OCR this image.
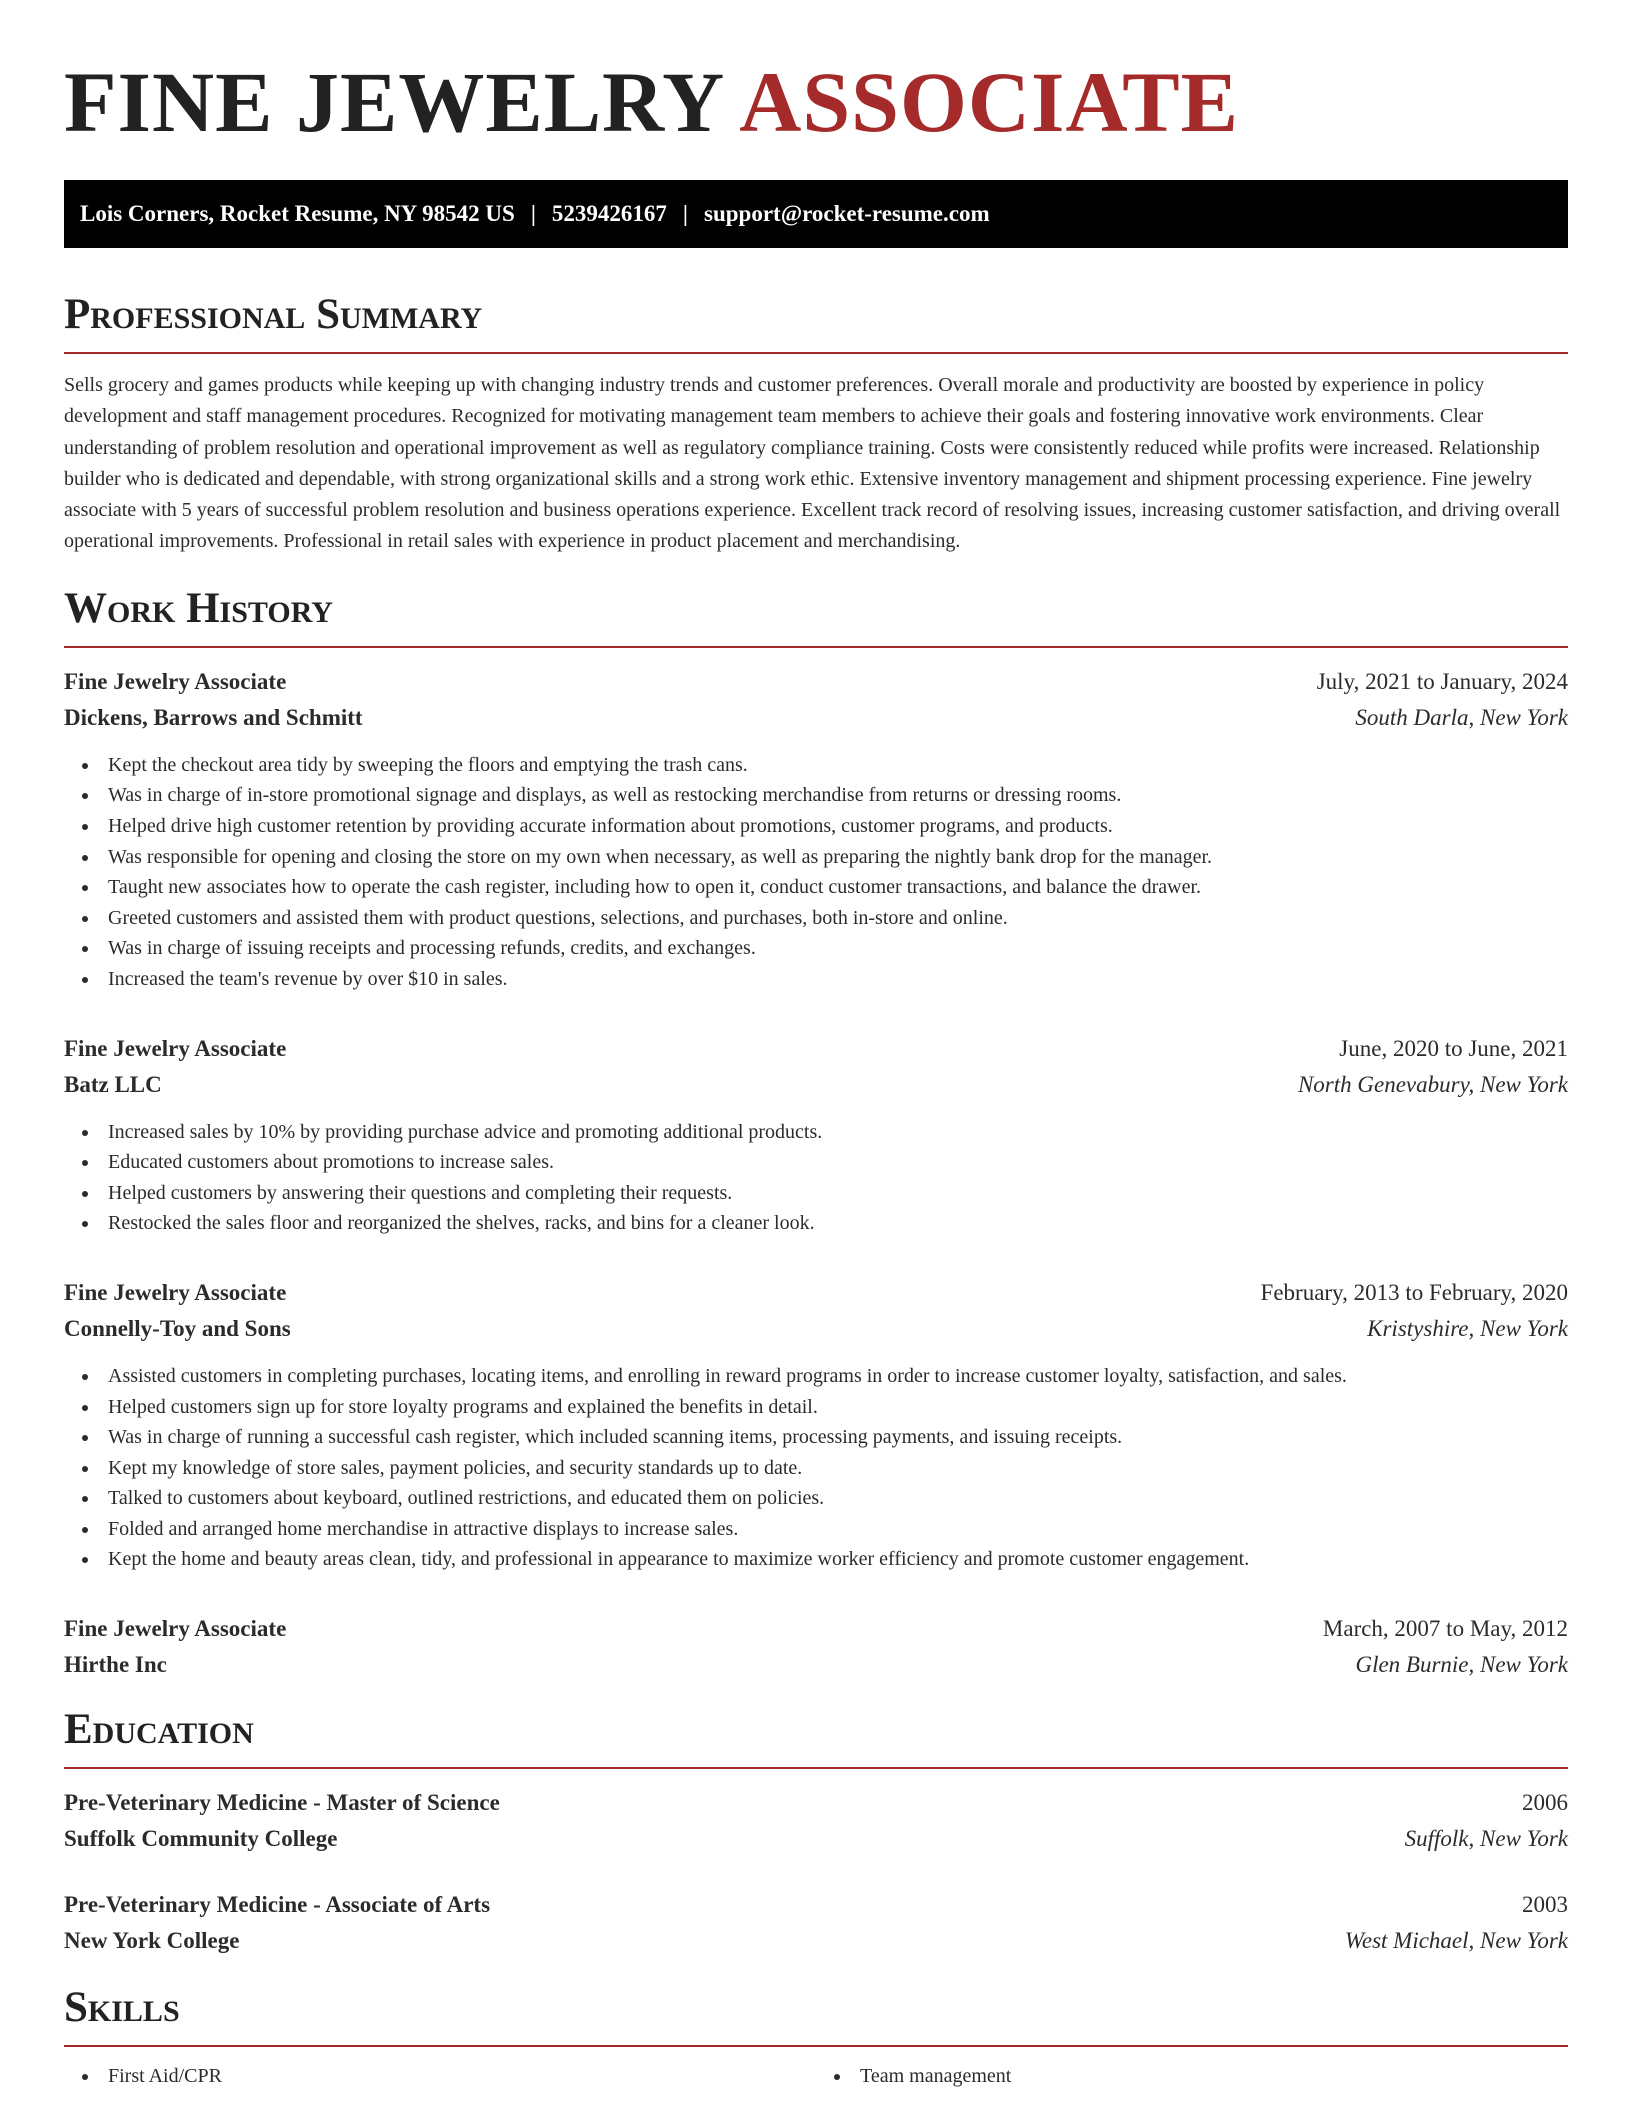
FINE JEWELRY ASSOCIATE
Lois Corners, Rocket Resume, NY 98542 US | 5239426167 | support@rocket-resume.com
Professional Summary

Sells grocery and games products while keeping up with changing industry trends and customer preferences. Overall morale and productivity are boosted by experience in policy development and staff management procedures. Recognized for motivating management team members to achieve their goals and fostering innovative work environments. Clear understanding of problem resolution and operational improvement as well as regulatory compliance training. Costs were consistently reduced while profits were increased. Relationship builder who is dedicated and dependable, with strong organizational skills and a strong work ethic. Extensive inventory management and shipment processing experience. Fine jewelry associate with 5 years of successful problem resolution and business operations experience. Excellent track record of resolving issues, increasing customer satisfaction, and driving overall operational improvements. Professional in retail sales with experience in product placement and merchandising.

Work History
Fine Jewelry Associate	July, 2021 to January, 2024
Dickens, Barrows and Schmitt	South Darla, New York
Kept the checkout area tidy by sweeping the floors and emptying the trash cans.
Was in charge of in-store promotional signage and displays, as well as restocking merchandise from returns or dressing rooms.
Helped drive high customer retention by providing accurate information about promotions, customer programs, and products.
Was responsible for opening and closing the store on my own when necessary, as well as preparing the nightly bank drop for the manager.
Taught new associates how to operate the cash register, including how to open it, conduct customer transactions, and balance the drawer.
Greeted customers and assisted them with product questions, selections, and purchases, both in-store and online.
Was in charge of issuing receipts and processing refunds, credits, and exchanges.
Increased the team's revenue by over $10 in sales.
Fine Jewelry Associate	June, 2020 to June, 2021
Batz LLC	North Genevabury, New York
Increased sales by 10% by providing purchase advice and promoting additional products.
Educated customers about promotions to increase sales.
Helped customers by answering their questions and completing their requests.
Restocked the sales floor and reorganized the shelves, racks, and bins for a cleaner look.
Fine Jewelry Associate	February, 2013 to February, 2020
Connelly-Toy and Sons	Kristyshire, New York
Assisted customers in completing purchases, locating items, and enrolling in reward programs in order to increase customer loyalty, satisfaction, and sales.
Helped customers sign up for store loyalty programs and explained the benefits in detail.
Was in charge of running a successful cash register, which included scanning items, processing payments, and issuing receipts.
Kept my knowledge of store sales, payment policies, and security standards up to date.
Talked to customers about keyboard, outlined restrictions, and educated them on policies.
Folded and arranged home merchandise in attractive displays to increase sales.
Kept the home and beauty areas clean, tidy, and professional in appearance to maximize worker efficiency and promote customer engagement.
Fine Jewelry Associate	March, 2007 to May, 2012
Hirthe Inc	Glen Burnie, New York
Education
Pre-Veterinary Medicine - Master of Science	2006
Suffolk Community College	Suffolk, New York
Pre-Veterinary Medicine - Associate of Arts	2003
New York College	West Michael, New York
Skills
First Aid/CPR	Team management
